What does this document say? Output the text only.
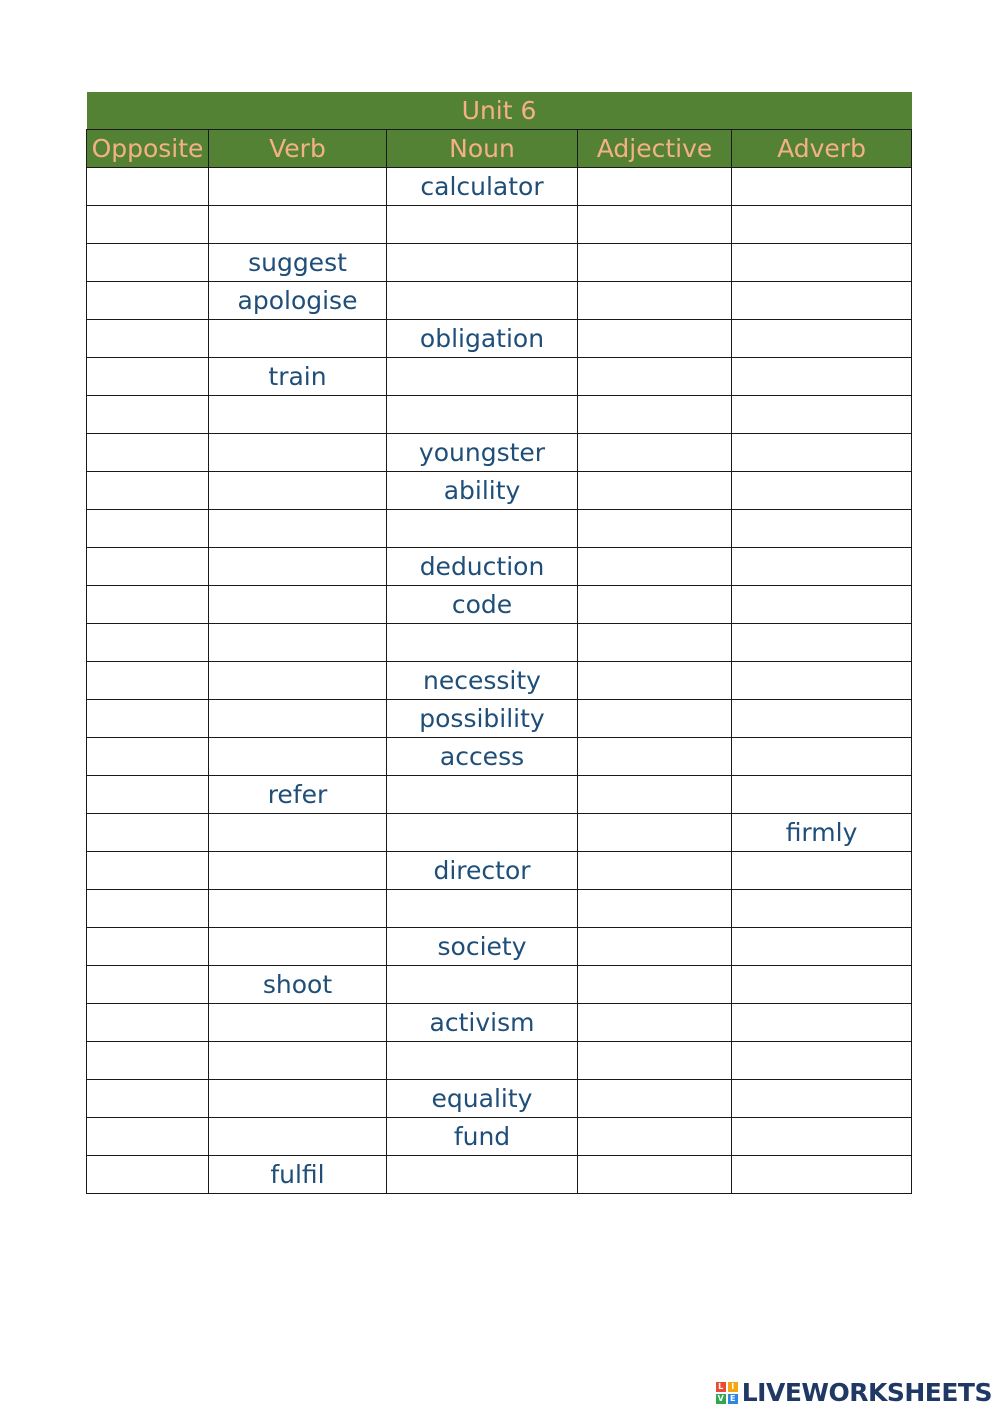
Unit 6				
Opposite	Verb	Noun	Adjective	Adverb
		calculator		

	suggest			
	apologise			
		obligation		
	train			

		youngster		
		ability		

		deduction		
		code		

		necessity		
		possibility		
		access		
	refer			
				firmly
		director		

		society		
	shoot			
		activism		

		equality		
		fund		
	fulfil			
L I
V E LIVEWORKSHEETS
